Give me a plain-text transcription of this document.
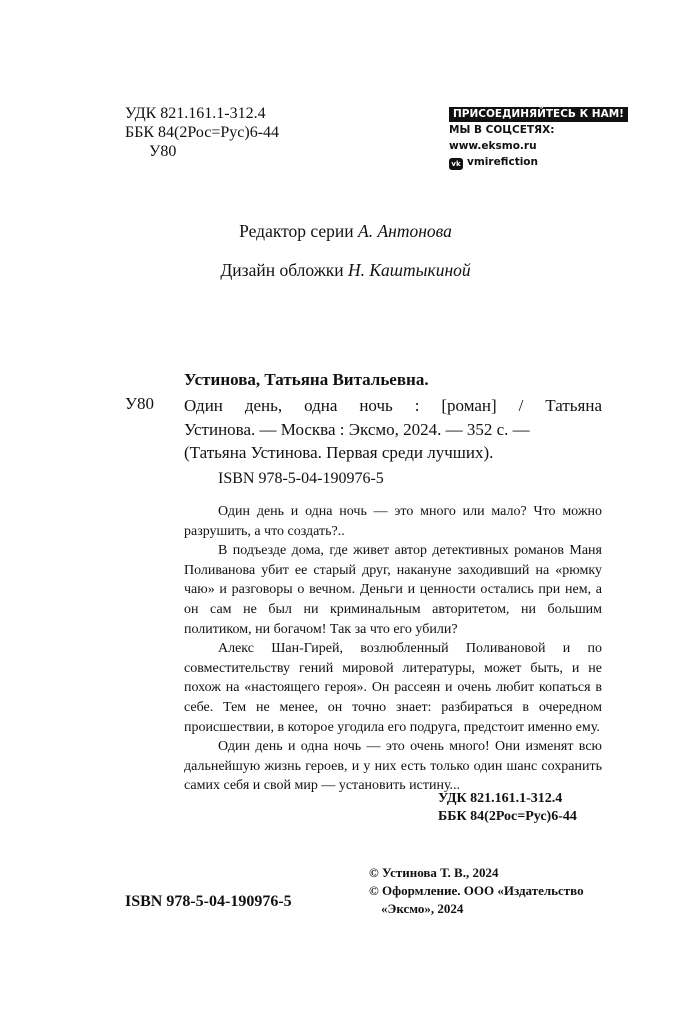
УДК 821.161.1-312.4
ББК 84(2Рос=Рус)6-44
У80
ПРИСОЕДИНЯЙТЕСЬ К НАМ!
МЫ В СОЦСЕТЯХ:
www.eksmo.ru
vk vmirefiction
Редактор серии А. Антонова
Дизайн обложки Н. Каштыкиной
Устинова, Татьяна Витальевна.
У80 Один день, одна ночь : [роман] / Татьяна
Устинова. — Москва : Эксмо, 2024. — 352 с. —
(Татьяна Устинова. Первая среди лучших).
ISBN 978-5-04-190976-5

Один день и одна ночь — это много или мало? Что можно разрушить, а что создать?..

В подъезде дома, где живет автор детективных романов Маня Поливанова убит ее старый друг, накануне заходивший на «рюмку чаю» и разговоры о вечном. Деньги и ценности остались при нем, а он сам не был ни криминальным авторитетом, ни большим политиком, ни богачом! Так за что его убили?

Алекс Шан-Гирей, возлюбленный Поливановой и по совместительству гений мировой литературы, может быть, и не похож на «настоящего героя». Он рассеян и очень любит копаться в себе. Тем не менее, он точно знает: разбираться в очередном происшествии, в которое угодила его подруга, предстоит именно ему.

Один день и одна ночь — это очень много! Они изменят всю дальнейшую жизнь героев, и у них есть только один шанс сохранить самих себя и свой мир — установить истину...

УДК 821.161.1-312.4
ББК 84(2Рос=Рус)6-44
© Устинова Т. В., 2024
© Оформление. ООО «Издательство
«Эксмо», 2024
ISBN 978-5-04-190976-5
